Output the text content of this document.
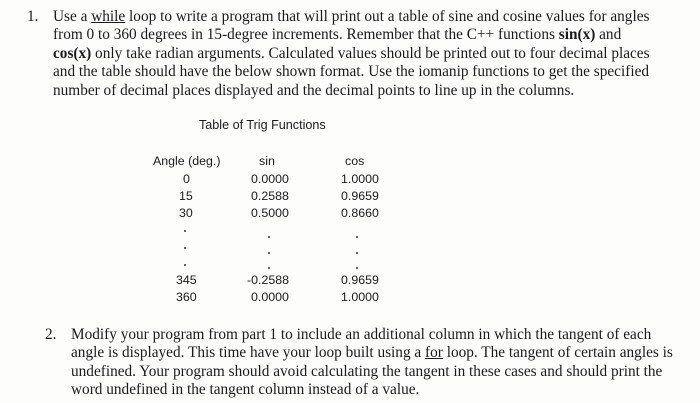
1. Use a while loop to write a program that will print out a table of sine and cosine values for angles
from 0 to 360 degrees in 15-degree increments. Remember that the C++ functions sin(x) and
cos(x) only take radian arguments. Calculated values should be printed out to four decimal places
and the table should have the below shown format. Use the iomanip functions to get the specified
number of decimal places displayed and the decimal points to line up in the columns.
Table of Trig Functions
Angle (deg.)	sin	cos
0	0.0000	1.0000
15	0.2588	0.9659
30	0.5000	0.8660
345	-0.2588	0.9659
360	0.0000	1.0000
2. Modify your program from part 1 to include an additional column in which the tangent of each
angle is displayed. This time have your loop built using a for loop. The tangent of certain angles is
undefined. Your program should avoid calculating the tangent in these cases and should print the
word undefined in the tangent column instead of a value.
